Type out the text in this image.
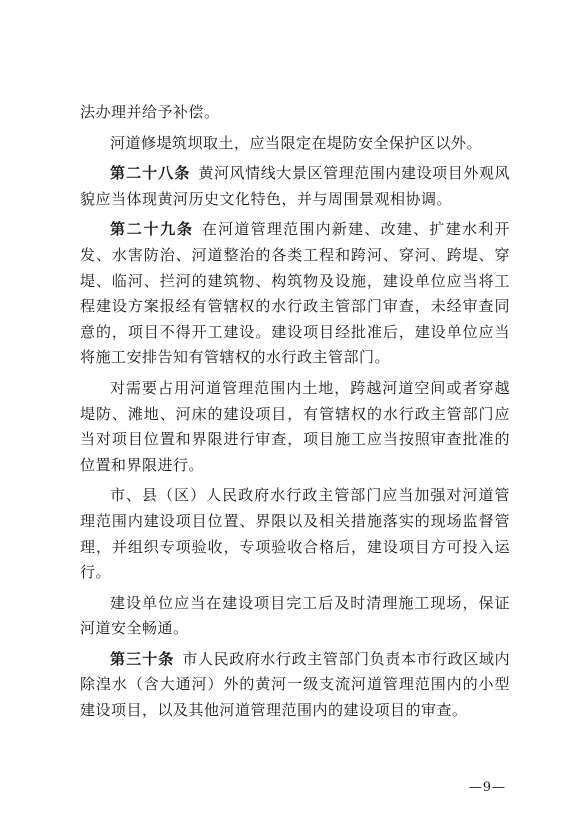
法办理并给予补偿。

河道修堤筑坝取土，应当限定在堤防安全保护区以外。

第二十八条 黄河风情线大景区管理范围内建设项目外观风貌应当体现黄河历史文化特色，并与周围景观相协调。

第二十九条 在河道管理范围内新建、改建、扩建水利开发、水害防治、河道整治的各类工程和跨河、穿河、跨堤、穿堤、临河、拦河的建筑物、构筑物及设施，建设单位应当将工程建设方案报经有管辖权的水行政主管部门审查，未经审查同意的，项目不得开工建设。建设项目经批准后，建设单位应当将施工安排告知有管辖权的水行政主管部门。

对需要占用河道管理范围内土地，跨越河道空间或者穿越堤防、滩地、河床的建设项目，有管辖权的水行政主管部门应当对项目位置和界限进行审查，项目施工应当按照审查批准的位置和界限进行。

市、县（区）人民政府水行政主管部门应当加强对河道管理范围内建设项目位置、界限以及相关措施落实的现场监督管理，并组织专项验收，专项验收合格后，建设项目方可投入运行。

建设单位应当在建设项目完工后及时清理施工现场，保证河道安全畅通。

第三十条 市人民政府水行政主管部门负责本市行政区域内除湟水（含大通河）外的黄河一级支流河道管理范围内的小型建设项目，以及其他河道管理范围内的建设项目的审查。

—9—
